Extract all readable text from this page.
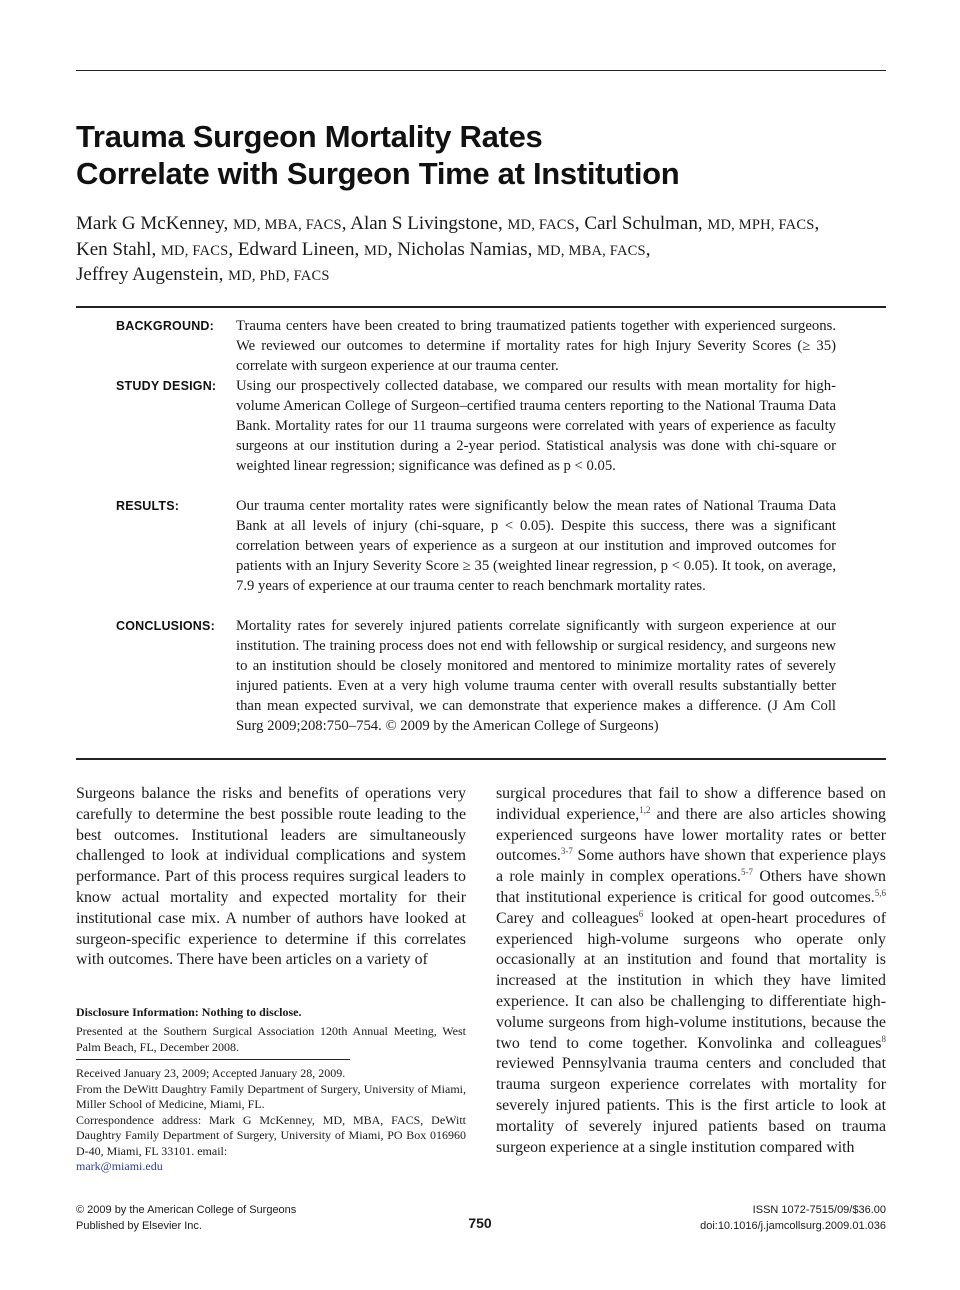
Trauma Surgeon Mortality Rates
Correlate with Surgeon Time at Institution
Mark G McKenney, MD, MBA, FACS, Alan S Livingstone, MD, FACS, Carl Schulman, MD, MPH, FACS,
Ken Stahl, MD, FACS, Edward Lineen, MD, Nicholas Namias, MD, MBA, FACS,
Jeffrey Augenstein, MD, PhD, FACS
BACKGROUND: Trauma centers have been created to bring traumatized patients together with experienced surgeons. We reviewed our outcomes to determine if mortality rates for high Injury Severity Scores (≥ 35) correlate with surgeon experience at our trauma center.

STUDY DESIGN: Using our prospectively collected database, we compared our results with mean mortality for high-volume American College of Surgeon–certified trauma centers reporting to the National Trauma Data Bank. Mortality rates for our 11 trauma surgeons were correlated with years of experience as faculty surgeons at our institution during a 2-year period. Statistical analysis was done with chi-square or weighted linear regression; significance was defined as p < 0.05.

RESULTS:	Our trauma center mortality rates were significantly below the mean rates of National Trauma Data Bank at all levels of injury (chi-square, p < 0.05). Despite this success, there was a significant correlation between years of experience as a surgeon at our institution and improved outcomes for patients with an Injury Severity Score ≥ 35 (weighted linear regression, p < 0.05). It took, on average, 7.9 years of experience at our trauma center to reach benchmark mortality rates.

CONCLUSIONS: Mortality rates for severely injured patients correlate significantly with surgeon experience at our institution. The training process does not end with fellowship or surgical residency, and surgeons new to an institution should be closely monitored and mentored to minimize mortality rates of severely injured patients. Even at a very high volume trauma center with overall results substantially better than mean expected survival, we can demonstrate that experience makes a difference. (J Am Coll Surg 2009;208:750–754. © 2009 by the American College of Surgeons)

Surgeons balance the risks and benefits of operations very carefully to determine the best possible route leading to the best outcomes. Institutional leaders are simultaneously challenged to look at individual complications and system performance. Part of this process requires surgical leaders to know actual mortality and expected mortality for their institutional case mix. A number of authors have looked at surgeon-specific experience to determine if this correlates with outcomes. There have been articles on a variety of

surgical procedures that fail to show a difference based on individual experience,$^{1,2}$ and there are also articles showing experienced surgeons have lower mortality rates or better outcomes.$^{3-7}$ Some authors have shown that experience plays a role mainly in complex operations.$^{5-7}$ Others have shown that institutional experience is critical for good outcomes.$^{5,6}$ Carey and colleagues$^6$ looked at open-heart procedures of experienced high-volume surgeons who operate only occasionally at an institution and found that mortality is increased at the institution in which they have limited experience. It can also be challenging to differentiate high-volume surgeons from high-volume institutions, because the two tend to come together. Konvolinka and colleagues$^8$ reviewed Pennsylvania trauma centers and concluded that trauma surgeon experience correlates with mortality for severely injured patients. This is the first article to look at mortality of severely injured patients based on trauma surgeon experience at a single institution compared with

Disclosure Information: Nothing to disclose.

Presented at the Southern Surgical Association 120th Annual Meeting, West Palm Beach, FL, December 2008.

Received January 23, 2009; Accepted January 28, 2009.
From the DeWitt Daughtry Family Department of Surgery, University of Miami, Miller School of Medicine, Miami, FL.
Correspondence address: Mark G McKenney, MD, MBA, FACS, DeWitt Daughtry Family Department of Surgery, University of Miami, PO Box 016960 D-40, Miami, FL 33101. email:
mark@miami.edu

© 2009 by the American College of Surgeons
Published by Elsevier Inc.	750
ISSN 1072-7515/09/$36.00
doi:10.1016/j.jamcollsurg.2009.01.036
